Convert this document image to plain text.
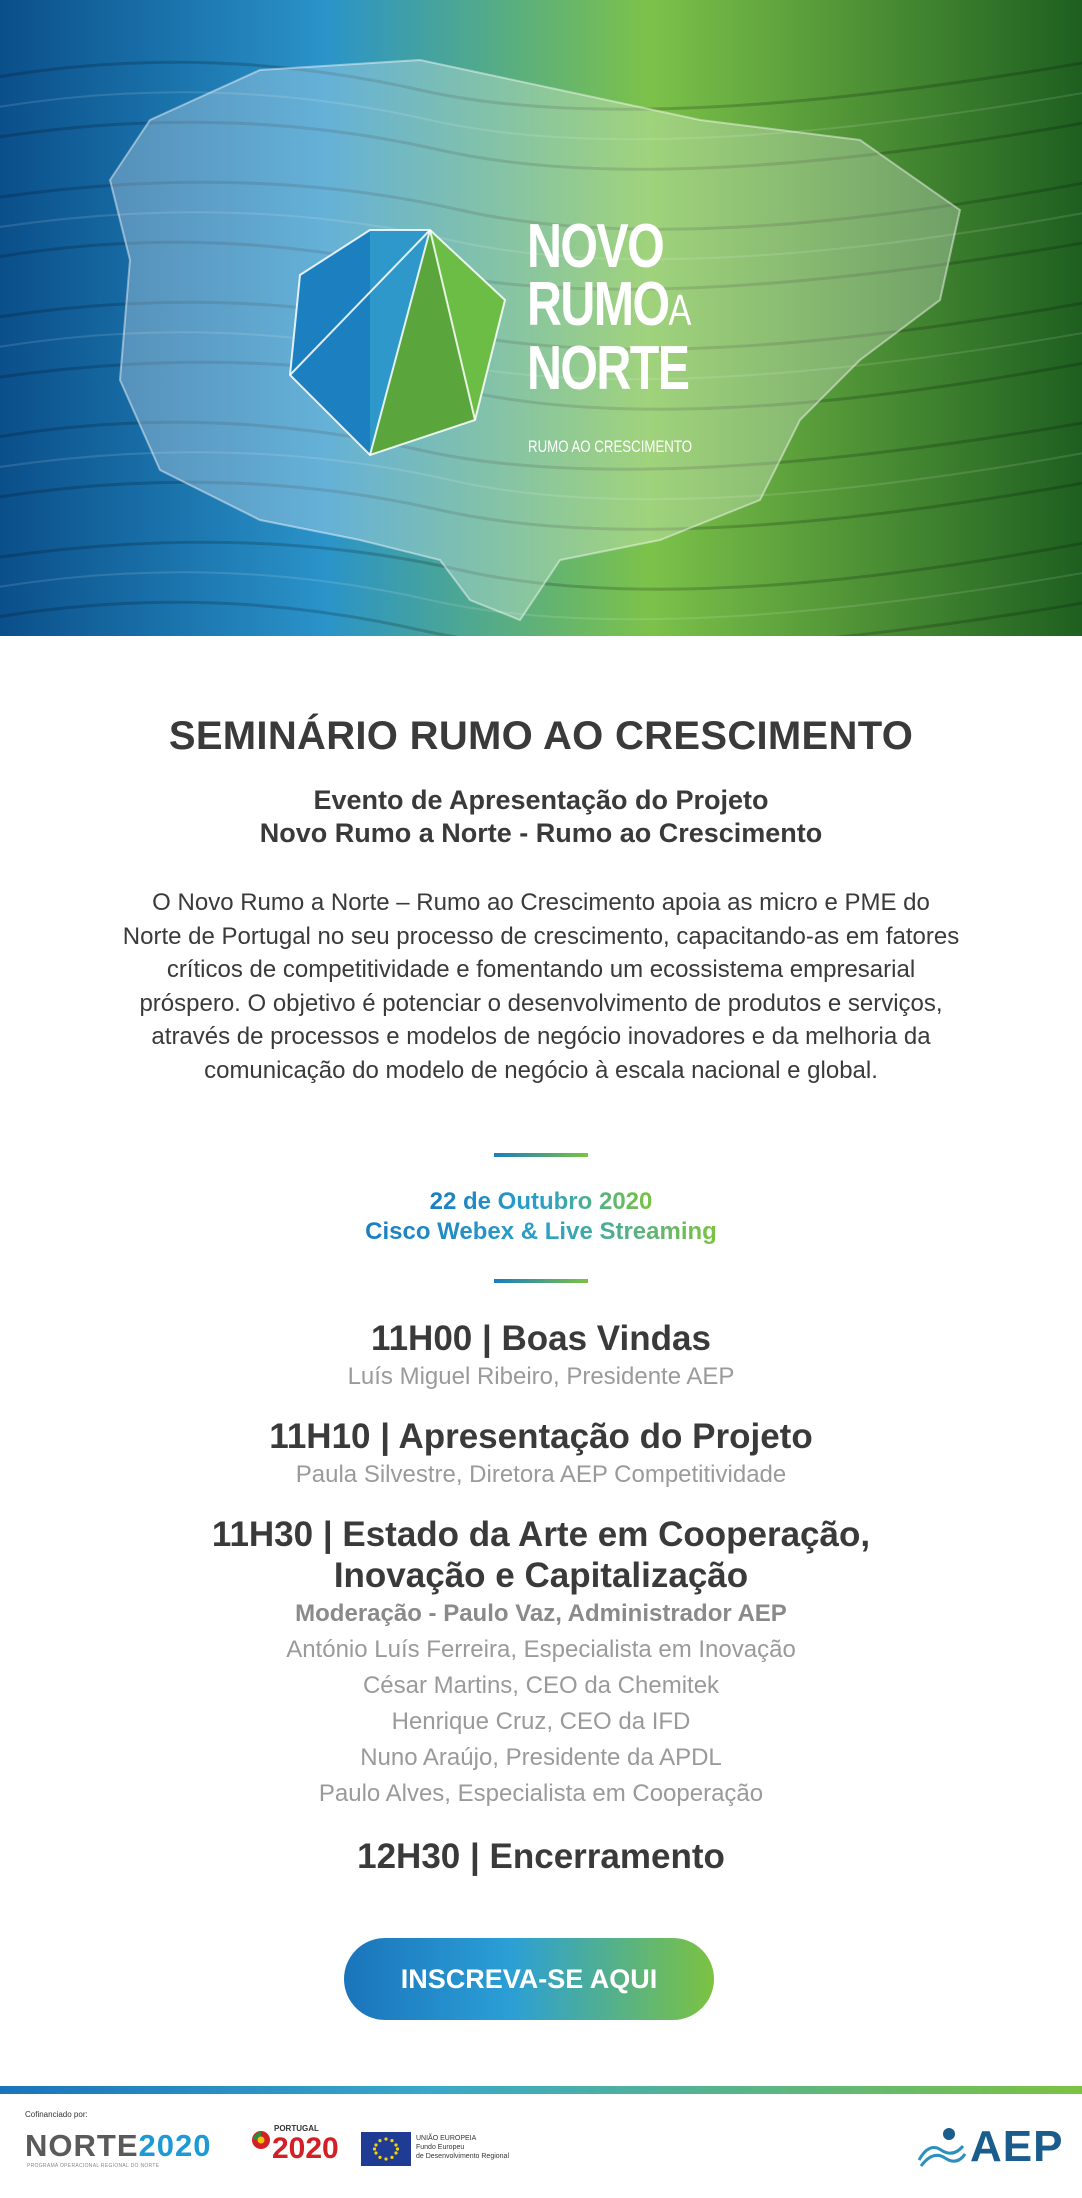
NOVO
RUMOA
NORTE
RUMO AO CRESCIMENTO
SEMINÁRIO RUMO AO CRESCIMENTO
Evento de Apresentação do Projeto
Novo Rumo a Norte - Rumo ao Crescimento
O Novo Rumo a Norte – Rumo ao Crescimento apoia as micro e PME do Norte de Portugal no seu processo de crescimento, capacitando-as em fatores críticos de competitividade e fomentando um ecossistema empresarial próspero. O objetivo é potenciar o desenvolvimento de produtos e serviços, através de processos e modelos de negócio inovadores e da melhoria da comunicação do modelo de negócio à escala nacional e global.
22 de Outubro 2020
Cisco Webex & Live Streaming
11H00 | Boas Vindas
Luís Miguel Ribeiro, Presidente AEP
11H10 | Apresentação do Projeto
Paula Silvestre, Diretora AEP Competitividade
11H30 | Estado da Arte em Cooperação,
Inovação e Capitalização
Moderação - Paulo Vaz, Administrador AEP
António Luís Ferreira, Especialista em Inovação
César Martins, CEO da Chemitek
Henrique Cruz, CEO da IFD
Nuno Araújo, Presidente da APDL
Paulo Alves, Especialista em Cooperação
12H30 | Encerramento
INSCREVA-SE AQUI
Cofinanciado por:
NORTE2020
PROGRAMA OPERACIONAL REGIONAL DO NORTE
PORTUGAL
2020	UNIÃO EUROPEIA
Fundo Europeu
de Desenvolvimento Regional	AEP
